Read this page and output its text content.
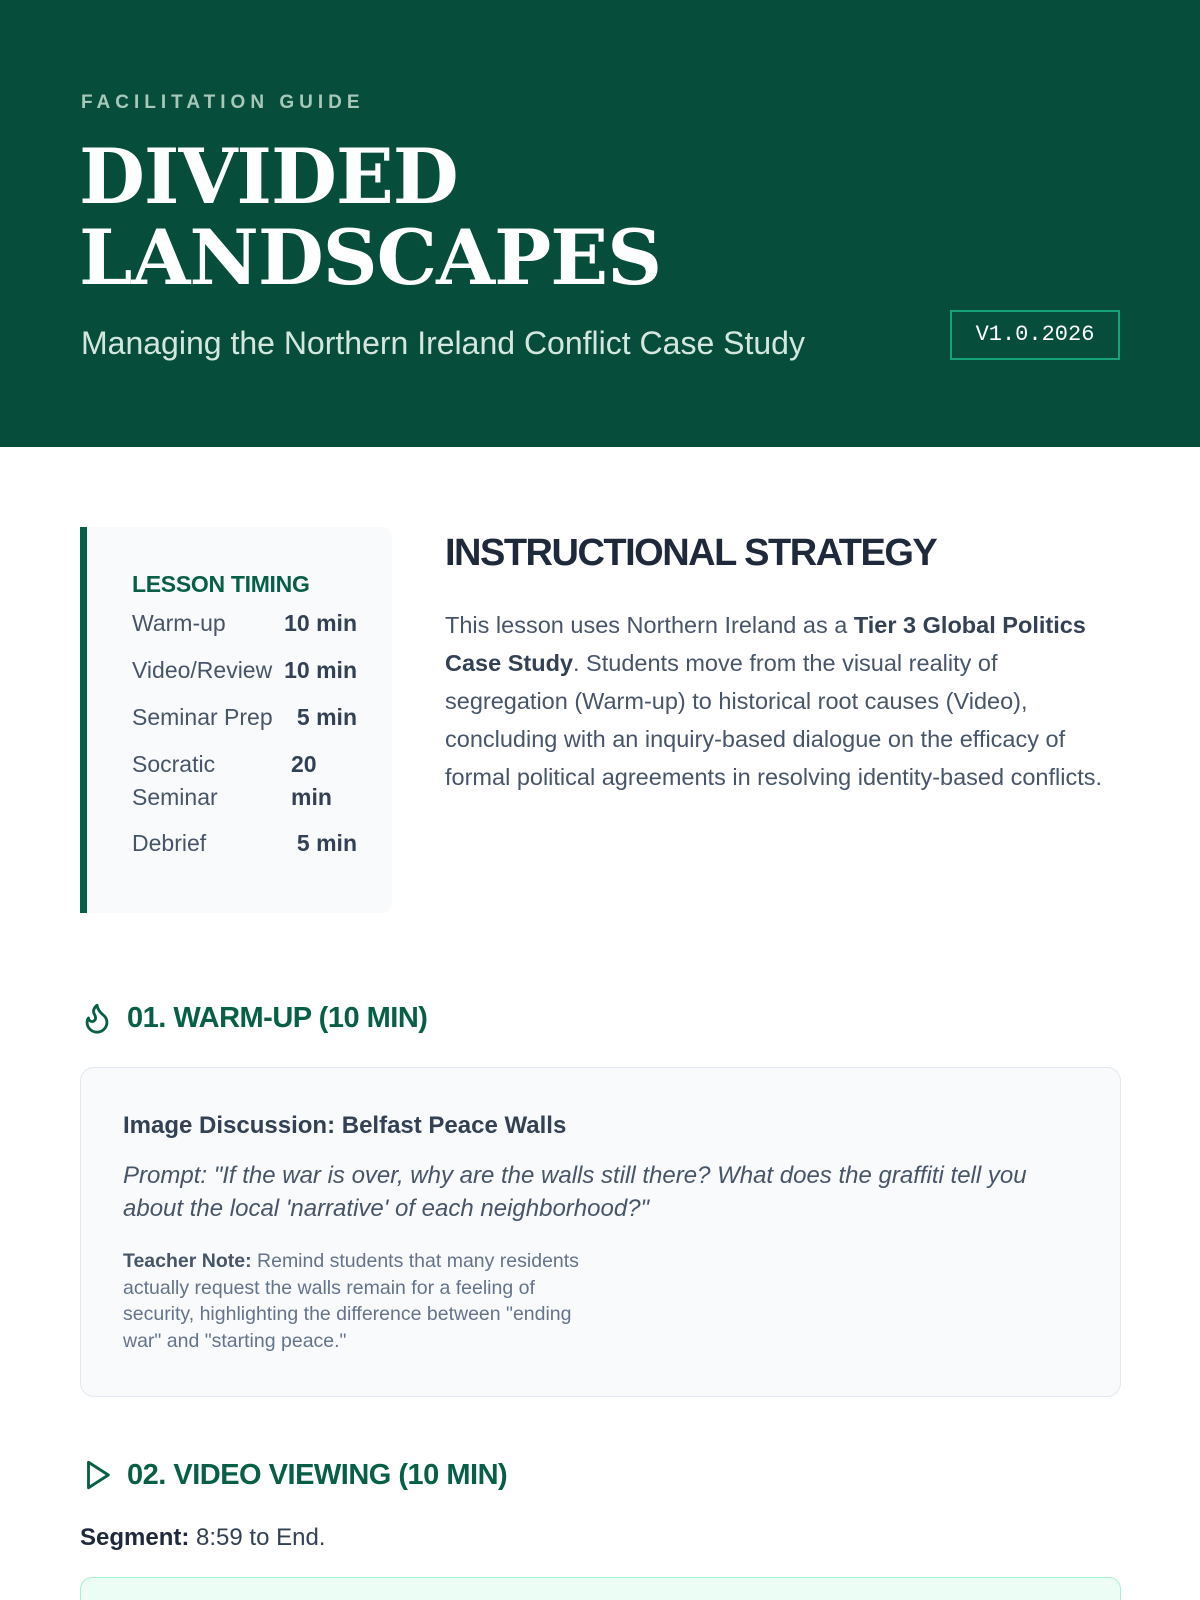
FACILITATION GUIDE
DIVIDED
LANDSCAPES
Managing the Northern Ireland Conflict Case Study	V1.0.2026
LESSON TIMING
Warm-up	10 min
Video/Review 10 min
Seminar Prep	5 min
Socratic Seminar
20 min
Debrief	5 min
INSTRUCTIONAL STRATEGY

This lesson uses Northern Ireland as a Tier 3 Global Politics Case Study. Students move from the visual reality of segregation (Warm-up) to historical root causes (Video), concluding with an inquiry-based dialogue on the efficacy of formal political agreements in resolving identity-based conflicts.

01. WARM-UP (10 MIN)
Image Discussion: Belfast Peace Walls
Prompt: "If the war is over, why are the walls still there? What does the graffiti tell you about the local 'narrative' of each neighborhood?"
Teacher Note: Remind students that many residents actually request the walls remain for a feeling of security, highlighting the difference between "ending war" and "starting peace."
02. VIDEO VIEWING (10 MIN)
Segment: 8:59 to End.
